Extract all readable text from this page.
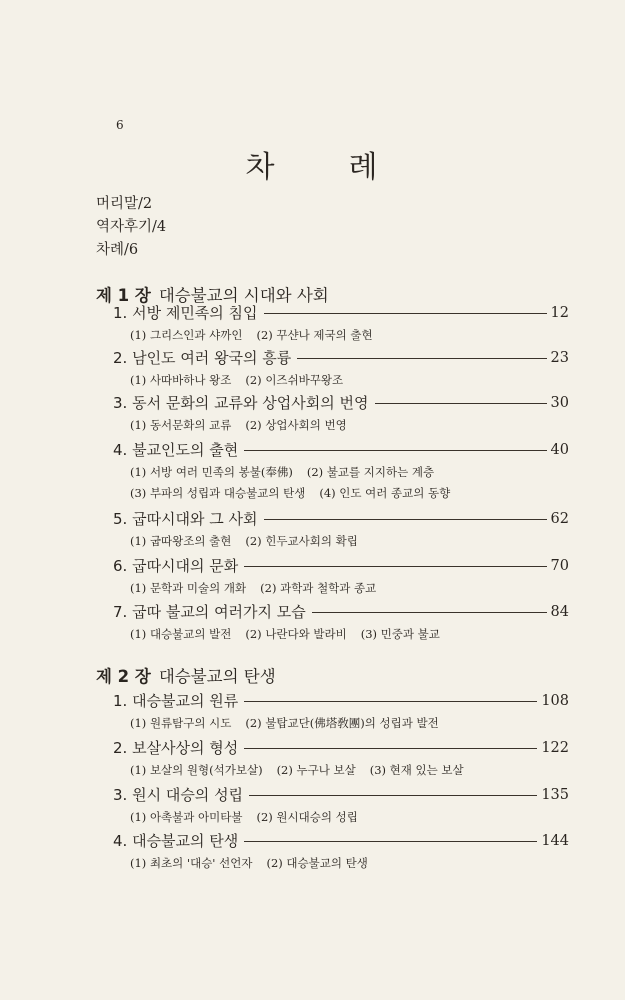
6
차 례
머리말/2
역자후기/4
차례/6
제 1 장 대승불교의 시대와 사회
1. 서방 제민족의 침입	12
(1) 그리스인과 샤까인 (2) 꾸샨나 제국의 출현
2. 남인도 여러 왕국의 흥륭	23
(1) 사따바하나 왕조 (2) 이즈쉬바꾸왕조
3. 동서 문화의 교류와 상업사회의 번영	30
(1) 동서문화의 교류 (2) 상업사회의 번영
4. 불교인도의 출현	40
(1) 서방 여러 민족의 봉불(奉佛) (2) 불교를 지지하는 계층
(3) 부파의 성립과 대승불교의 탄생 (4) 인도 여러 종교의 동향
5. 굽따시대와 그 사회	62
(1) 굽따왕조의 출현 (2) 힌두교사회의 확립
6. 굽따시대의 문화	70
(1) 문학과 미술의 개화 (2) 과학과 철학과 종교
7. 굽따 불교의 여러가지 모습	84
(1) 대승불교의 발전 (2) 나란다와 발라비 (3) 민중과 불교
제 2 장 대승불교의 탄생
1. 대승불교의 원류	108
(1) 원류탐구의 시도 (2) 불탑교단(佛塔敎團)의 성립과 발전
2. 보살사상의 형성	122
(1) 보살의 원형(석가보살) (2) 누구나 보살 (3) 현재 있는 보살
3. 원시 대승의 성립	135
(1) 아촉불과 아미타불 (2) 원시대승의 성립
4. 대승불교의 탄생	144
(1) 최초의 '대승' 선언자 (2) 대승불교의 탄생
